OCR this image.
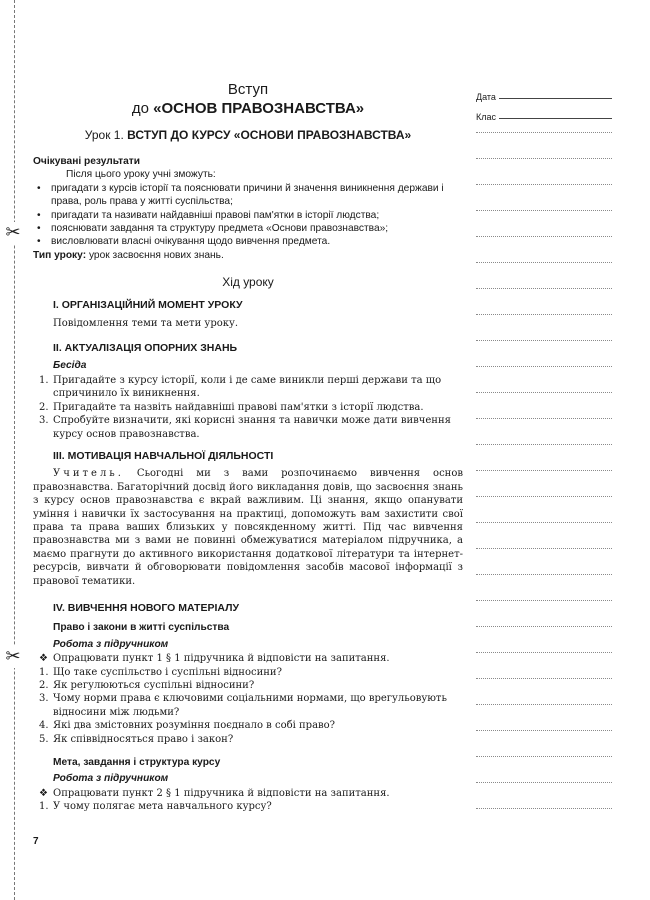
✂
✂
Вступ
до «ОСНОВ ПРАВОЗНАВСТВА»
Урок 1. ВСТУП ДО КУРСУ «ОСНОВИ ПРАВОЗНАВСТВА»
Очікувані результати
Після цього уроку учні зможуть:
• пригадати з курсів історії та пояснювати причини й значення виникнення держави і права, роль права у житті суспільства;
• пригадати та називати найдавніші правові пам'ятки в історії людства;
• пояснювати завдання та структуру предмета «Основи правознавства»;
• висловлювати власні очікування щодо вивчення предмета.
Тип уроку: урок засвоєння нових знань.
Хід уроку
I. ОРГАНІЗАЦІЙНИЙ МОМЕНТ УРОКУ
Повідомлення теми та мети уроку.
II. АКТУАЛІЗАЦІЯ ОПОРНИХ ЗНАНЬ
Бесіда
1. Пригадайте з курсу історії, коли і де саме виникли перші держави та що спричинило їх виникнення.
2. Пригадайте та назвіть найдавніші правові пам'ятки з історії людства.
3. Спробуйте визначити, які корисні знання та навички може дати вивчення курсу основ правознавства.
III. МОТИВАЦІЯ НАВЧАЛЬНОЇ ДІЯЛЬНОСТІ
Учитель. Сьогодні ми з вами розпочинаємо вивчення основ правознавства. Багаторічний досвід його викладання довів, що засвоєння знань з курсу основ правознавства є вкрай важливим. Ці знання, якщо опанувати уміння і навички їх застосування на практиці, допоможуть вам захистити свої права та права ваших близьких у повсякденному житті. Під час вивчення правознавства ми з вами не повинні обмежуватися матеріалом підручника, а маємо прагнути до активного використання додаткової літератури та інтернет-ресурсів, вивчати й обговорювати повідомлення засобів масової інформації з правової тематики.
IV. ВИВЧЕННЯ НОВОГО МАТЕРІАЛУ
Право і закони в житті суспільства
Робота з підручником
❖ Опрацювати пункт 1 § 1 підручника й відповісти на запитання.
1. Що таке суспільство і суспільні відносини?
2. Як регулюються суспільні відносини?
3. Чому норми права є ключовими соціальними нормами, що врегульовують відносини між людьми?
4. Які два змістовних розуміння поєднало в собі право?
5. Як співвідносяться право і закон?
Мета, завдання і структура курсу
Робота з підручником
❖ Опрацювати пункт 2 § 1 підручника й відповісти на запитання.
1. У чому полягає мета навчального курсу?
7
Дата
Клас
